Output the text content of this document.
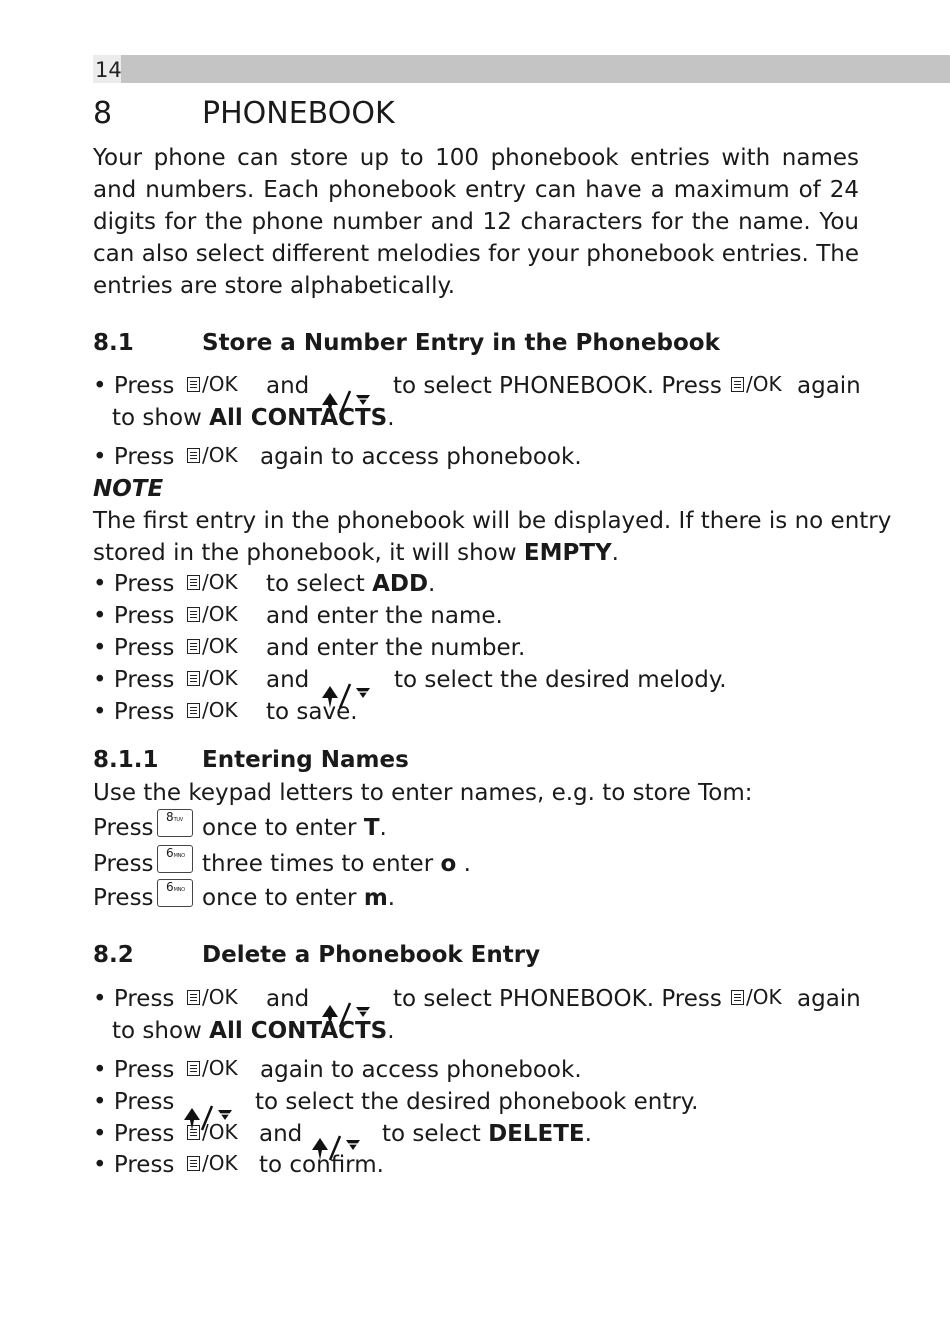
14
8	PHONEBOOK
Your phone can store up to 100 phonebook entries with names and numbers. Each phonebook entry can have a maximum of 24 digits for the phone number and 12 characters for the name. You can also select different melodies for your phonebook entries. The entries are store alphabetically.
8.1	Store a Number Entry in the Phonebook
• Press /OK and	to select PHONEBOOK. Press /OK again
to show All CONTACTS.
• Press /OK again to access phonebook.
NOTE
The first entry in the phonebook will be displayed. If there is no entry
stored in the phonebook, it will show EMPTY.
• Press /OK to select ADD.
• Press /OK and enter the name.
• Press /OK and enter the number.
• Press /OK and	to select the desired melody.
• Press /OK to save.
8.1.1 Entering Names
Use the keypad letters to enter names, e.g. to store Tom:
Press	8TUV once to enter T.
Press	6MNO three times to enter o .
Press	6MNO once to enter m.
8.2	Delete a Phonebook Entry
• Press /OK and	to select PHONEBOOK. Press /OK again
to show All CONTACTS.
• Press /OK again to access phonebook.
• Press	to select the desired phonebook entry.
• Press /OK and	to select DELETE.
• Press /OK to confirm.
